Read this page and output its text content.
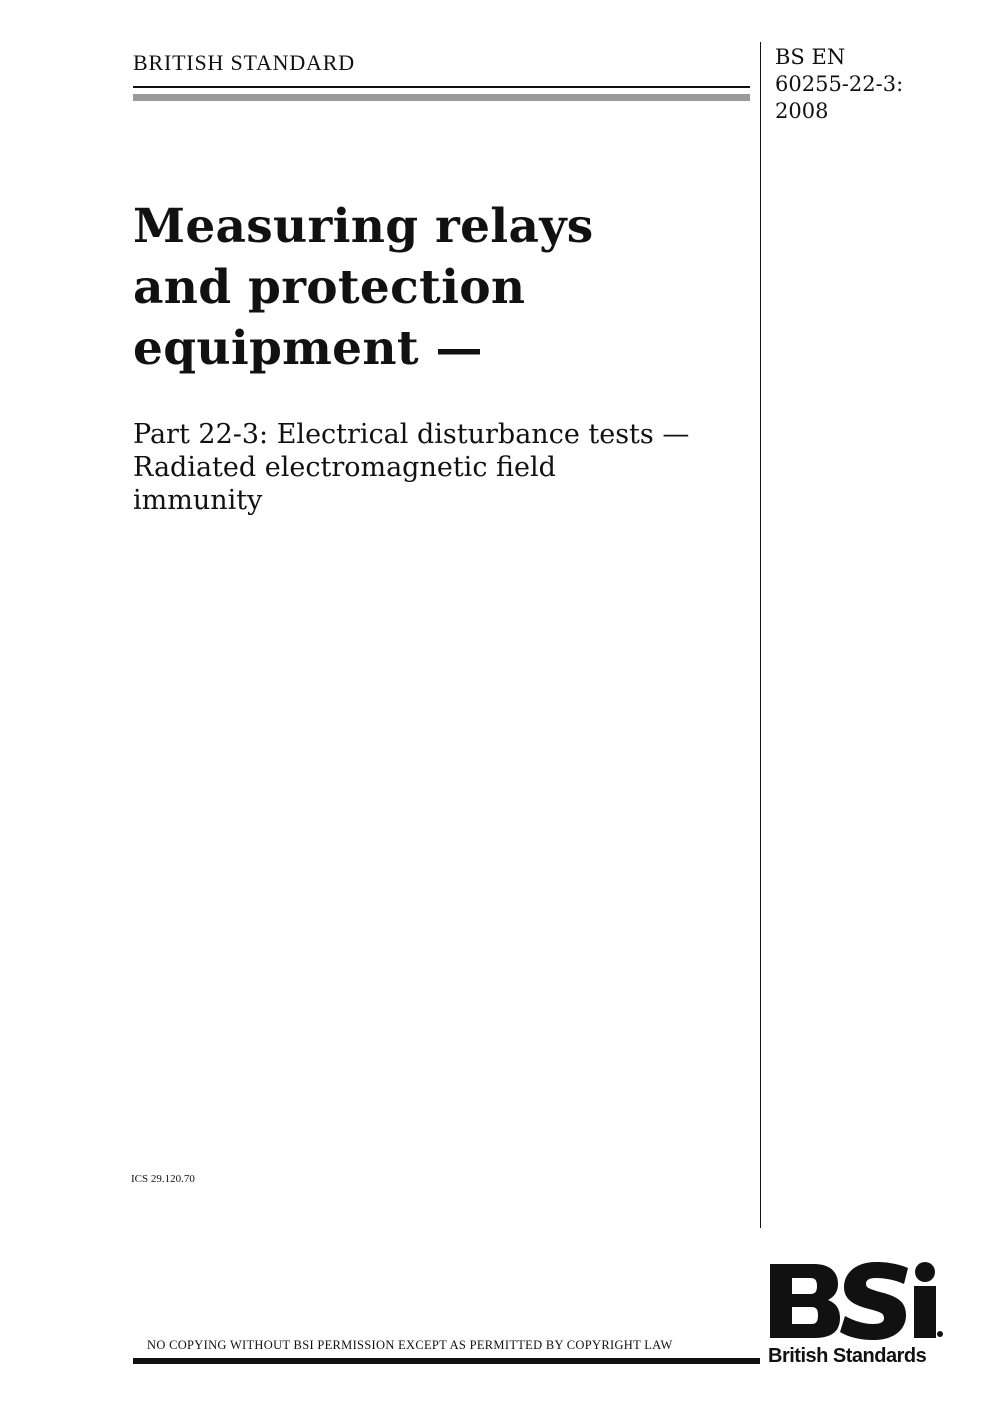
BRITISH STANDARD	BS EN
60255-22-3:
2008
Measuring relays
and protection
equipment —
Part 22-3: Electrical disturbance tests —
Radiated electromagnetic field
immunity
ICS 29.120.70
NO COPYING WITHOUT BSI PERMISSION EXCEPT AS PERMITTED BY COPYRIGHT LAW	British Standards
